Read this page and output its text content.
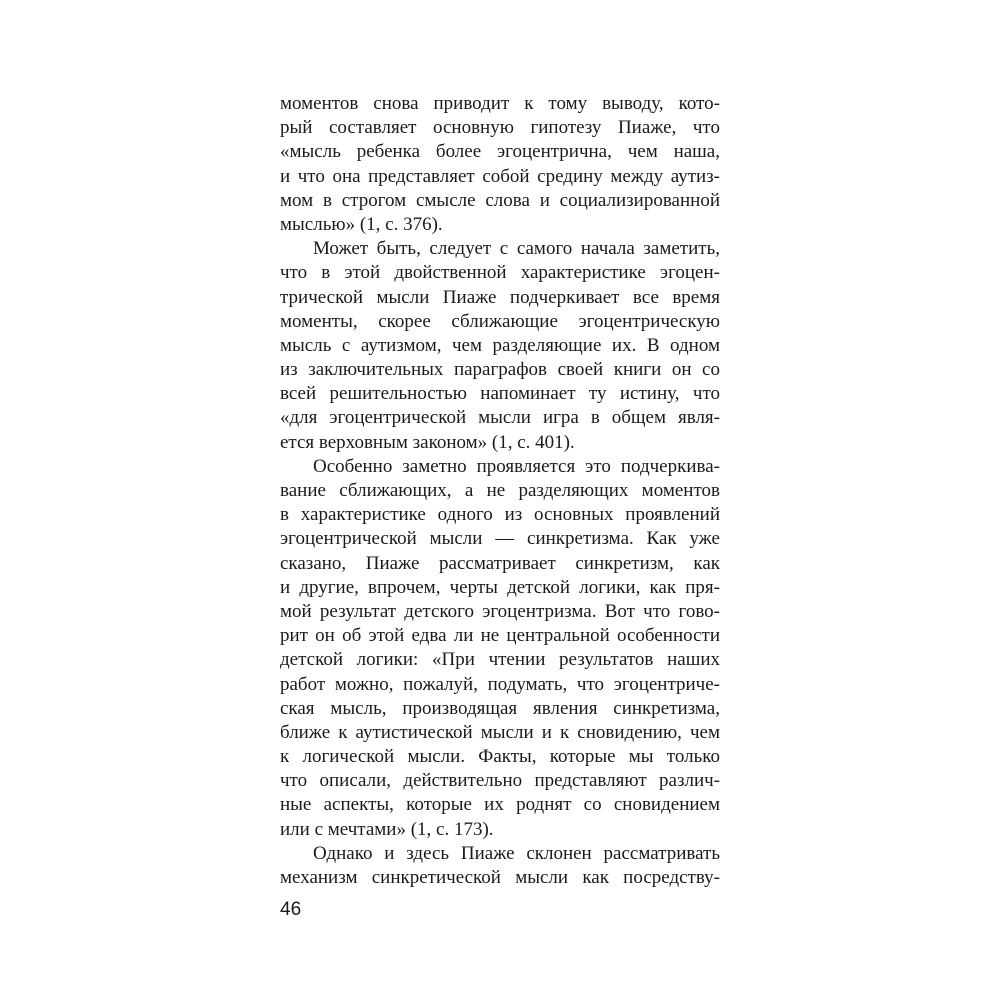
моментов снова приводит к тому выводу, кото-
рый составляет основную гипотезу Пиаже, что
«мысль ребенка более эгоцентрична, чем наша,
и что она представляет собой средину между аутиз-
мом в строгом смысле слова и социализированной
мыслью» (1, с. 376).
Может быть, следует с самого начала заметить,
что в этой двойственной характеристике эгоцен-
трической мысли Пиаже подчеркивает все время
моменты, скорее сближающие эгоцентрическую
мысль с аутизмом, чем разделяющие их. В одном
из заключительных параграфов своей книги он со
всей решительностью напоминает ту истину, что
«для эгоцентрической мысли игра в общем явля-
ется верховным законом» (1, с. 401).
Особенно заметно проявляется это подчеркива-
вание сближающих, а не разделяющих моментов
в характеристике одного из основных проявлений
эгоцентрической мысли — синкретизма. Как уже
сказано, Пиаже рассматривает синкретизм, как
и другие, впрочем, черты детской логики, как пря-
мой результат детского эгоцентризма. Вот что гово-
рит он об этой едва ли не центральной особенности
детской логики: «При чтении результатов наших
работ можно, пожалуй, подумать, что эгоцентриче-
ская мысль, производящая явления синкретизма,
ближе к аутистической мысли и к сновидению, чем
к логической мысли. Факты, которые мы только
что описали, действительно представляют различ-
ные аспекты, которые их роднят со сновидением
или с мечтами» (1, с. 173).
Однако и здесь Пиаже склонен рассматривать
механизм синкретической мысли как посредству-
46
